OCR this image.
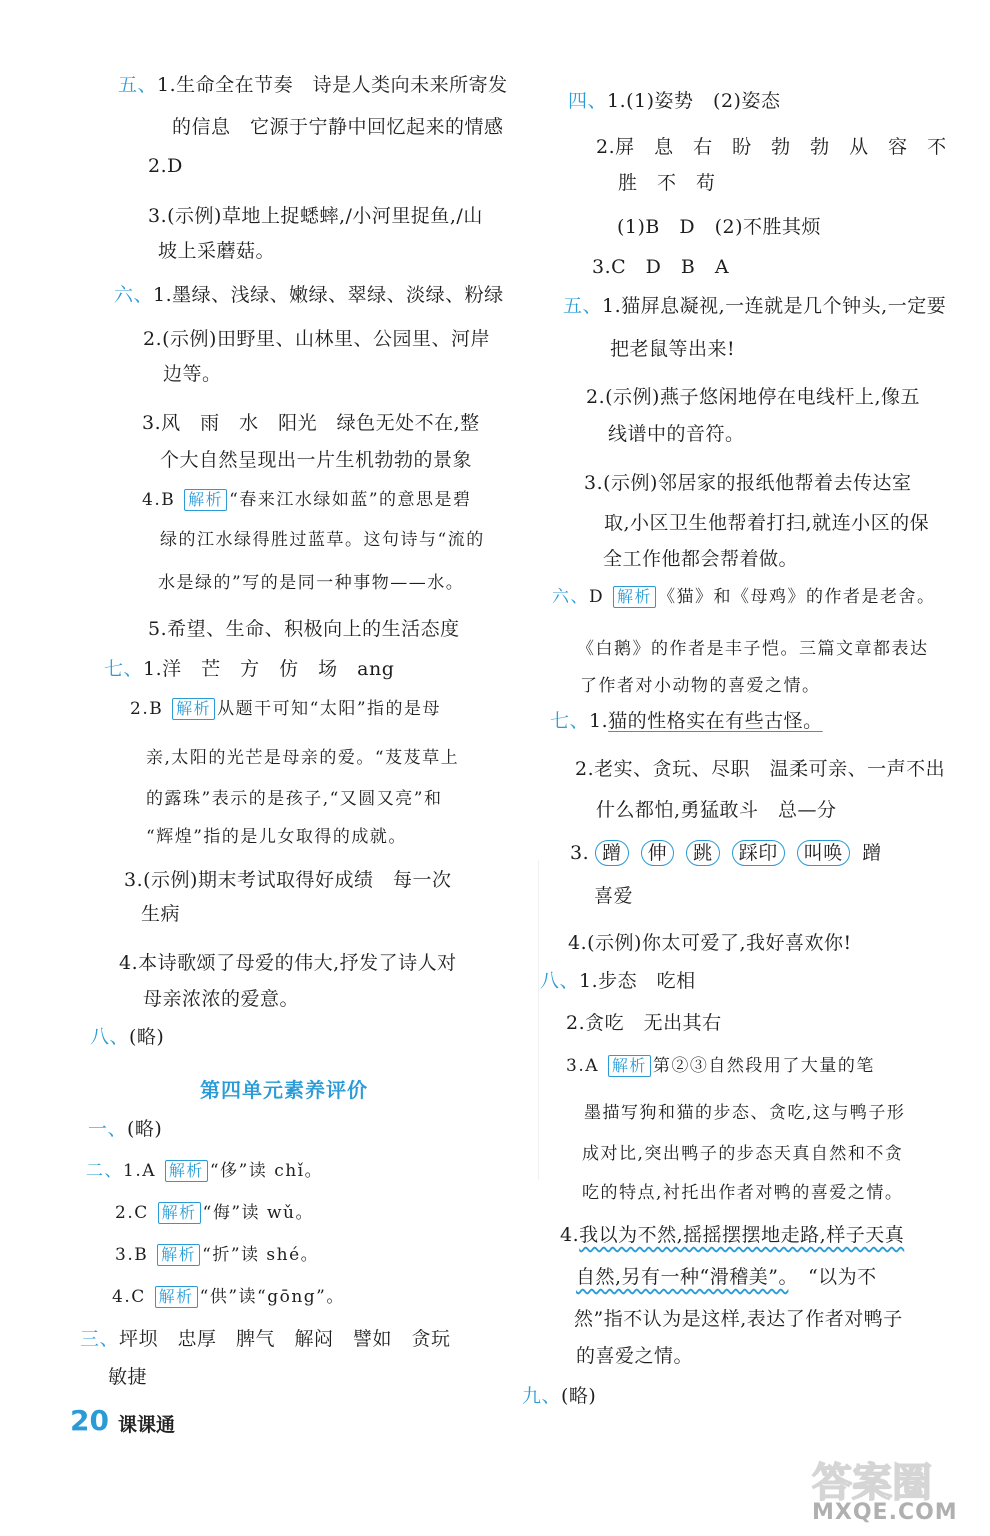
五、1.生命全在节奏　诗是人类向未来所寄发
的信息　它源于宁静中回忆起来的情感
2.D
3.(示例)草地上捉蟋蟀,/小河里捉鱼,/山
坡上采蘑菇。
六、1.墨绿、浅绿、嫩绿、翠绿、淡绿、粉绿
2.(示例)田野里、山林里、公园里、河岸
边等。
3.风　雨　水　阳光　绿色无处不在,整
个大自然呈现出一片生机勃勃的景象
4.B 解析 “春来江水绿如蓝”的意思是碧
绿的江水绿得胜过蓝草。这句诗与“流的
水是绿的”写的是同一种事物——水。
5.希望、生命、积极向上的生活态度
七、1.洋　芒　方　仿　场　ang
2.B 解析 从题干可知“太阳”指的是母
亲,太阳的光芒是母亲的爱。“芨芨草上
的露珠”表示的是孩子,“又圆又亮”和
“辉煌”指的是儿女取得的成就。
3.(示例)期末考试取得好成绩　每一次
生病
4.本诗歌颂了母爱的伟大,抒发了诗人对
母亲浓浓的爱意。
八、(略)
第四单元素养评价
一、(略)
二、1.A 解析 “侈”读 chǐ。
2.C 解析 “侮”读 wǔ。
3.B 解析 “折”读 shé。
4.C 解析 “供”读“gōng”。
三、坪坝　忠厚　脾气　解闷　譬如　贪玩
敏捷
四、1.(1)姿势　(2)姿态
2.屏　息　右　盼　勃　勃　从　容　不
胜　不　苟
(1)B　D　(2)不胜其烦
3.C　D　B　A
五、1.猫屏息凝视,一连就是几个钟头,一定要
把老鼠等出来!
2.(示例)燕子悠闲地停在电线杆上,像五
线谱中的音符。
3.(示例)邻居家的报纸他帮着去传达室
取,小区卫生他帮着打扫,就连小区的保
全工作他都会帮着做。
六、D 解析 《猫》和《母鸡》的作者是老舍。
《白鹅》的作者是丰子恺。三篇文章都表达
了作者对小动物的喜爱之情。
七、1.猫的性格实在有些古怪。
2.老实、贪玩、尽职　温柔可亲、一声不出
什么都怕,勇猛敢斗　总—分
3. 蹭 伸 跳 踩印 叫唤 蹭
喜爱
4.(示例)你太可爱了,我好喜欢你!
八、1.步态　吃相
2.贪吃　无出其右
3.A 解析 第②③自然段用了大量的笔
墨描写狗和猫的步态、贪吃,这与鸭子形
成对比,突出鸭子的步态天真自然和不贪
吃的特点,衬托出作者对鸭的喜爱之情。
4.我以为不然,摇摇摆摆地走路,样子天真
自然,另有一种“滑稽美”。　“以为不
然”指不认为是这样,表达了作者对鸭子
的喜爱之情。
九、(略)
20 课课通
答案圈
MXQE.COM
